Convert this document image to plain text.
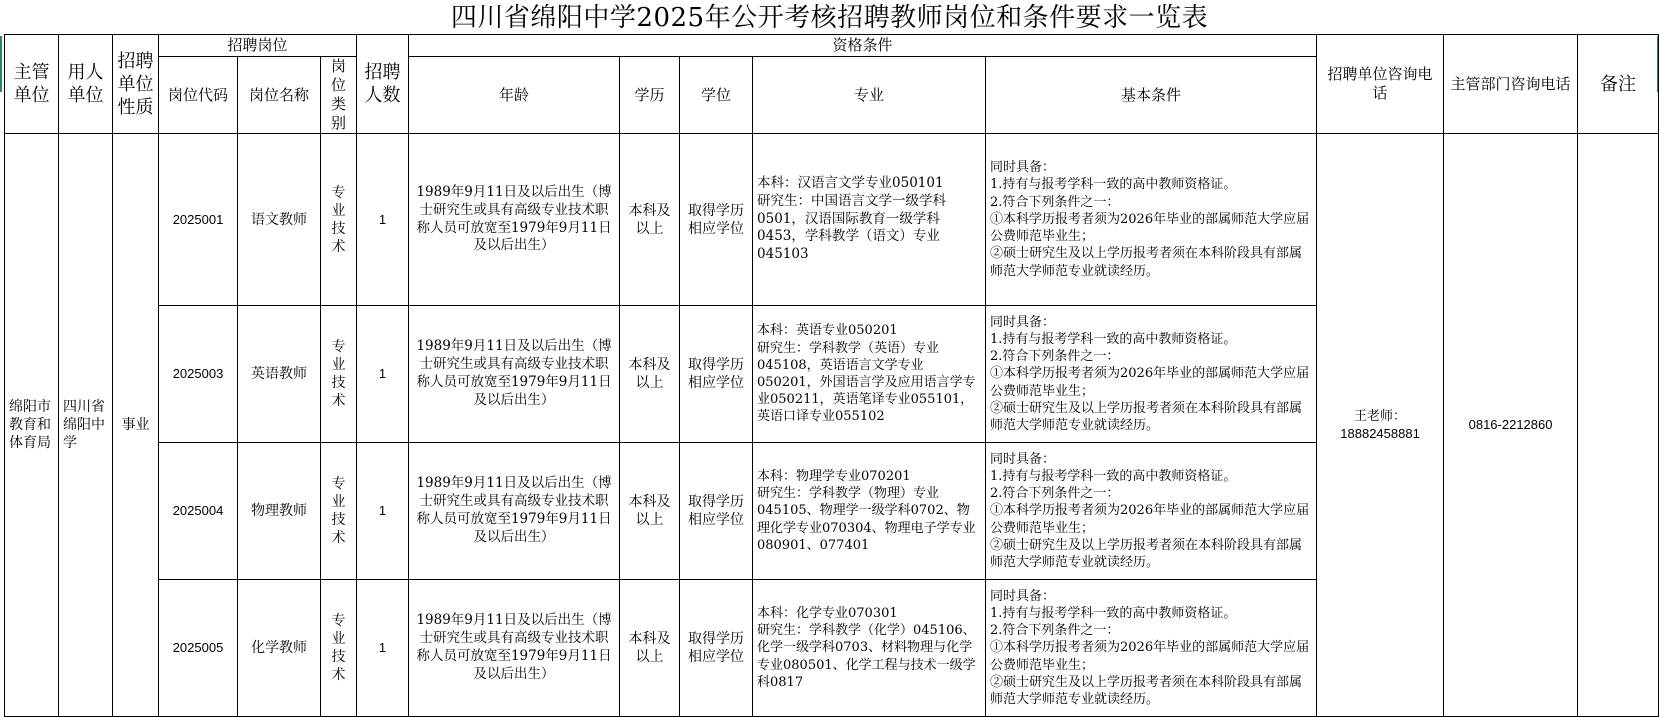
四川省绵阳中学2025年公开考核招聘教师岗位和条件要求一览表
主管单位	用人单位	招聘单位性质	招聘岗位			招聘人数	资格条件					招聘单位咨询电话	主管部门咨询电话	备注
			岗位代码	岗位名称	岗位类别		年龄	学历	学位	专业	基本条件			
绵阳市教育和体育局	四川省绵阳中学	事业	2025001	语文教师	专业技术	1	1989年9月11日及以后出生（博士研究生或具有高级专业技术职称人员可放宽至1979年9月11日及以后出生）	本科及以上	取得学历相应学位	本科：汉语言文学专业050101
研究生：中国语言文学一级学科0501，汉语国际教育一级学科0453，学科教学（语文）专业045103	同时具备：
1.持有与报考学科一致的高中教师资格证。
2.符合下列条件之一：
①本科学历报考者须为2026年毕业的部属师范大学应届公费师范毕业生；
②硕士研究生及以上学历报考者须在本科阶段具有部属师范大学师范专业就读经历。	王老师：18882458881	0816-2212860	
			2025003	英语教师	专业技术	1	1989年9月11日及以后出生（博士研究生或具有高级专业技术职称人员可放宽至1979年9月11日及以后出生）	本科及以上	取得学历相应学位	本科：英语专业050201
研究生：学科教学（英语）专业045108，英语语言文学专业050201，外国语言学及应用语言学专业050211，英语笔译专业055101，英语口译专业055102	同时具备：
1.持有与报考学科一致的高中教师资格证。
2.符合下列条件之一：
①本科学历报考者须为2026年毕业的部属师范大学应届公费师范毕业生；
②硕士研究生及以上学历报考者须在本科阶段具有部属师范大学师范专业就读经历。			
			2025004	物理教师	专业技术	1	1989年9月11日及以后出生（博士研究生或具有高级专业技术职称人员可放宽至1979年9月11日及以后出生）	本科及以上	取得学历相应学位	本科：物理学专业070201
研究生：学科教学（物理）专业045105、物理学一级学科0702、物理化学专业070304、物理电子学专业080901、077401	同时具备：
1.持有与报考学科一致的高中教师资格证。
2.符合下列条件之一：
①本科学历报考者须为2026年毕业的部属师范大学应届公费师范毕业生；
②硕士研究生及以上学历报考者须在本科阶段具有部属师范大学师范专业就读经历。			
			2025005	化学教师	专业技术	1	1989年9月11日及以后出生（博士研究生或具有高级专业技术职称人员可放宽至1979年9月11日及以后出生）	本科及以上	取得学历相应学位	本科：化学专业070301
研究生：学科教学（化学）045106、化学一级学科0703、材料物理与化学专业080501、化学工程与技术一级学科0817	同时具备：
1.持有与报考学科一致的高中教师资格证。
2.符合下列条件之一：
①本科学历报考者须为2026年毕业的部属师范大学应届公费师范毕业生；
②硕士研究生及以上学历报考者须在本科阶段具有部属师范大学师范专业就读经历。			
